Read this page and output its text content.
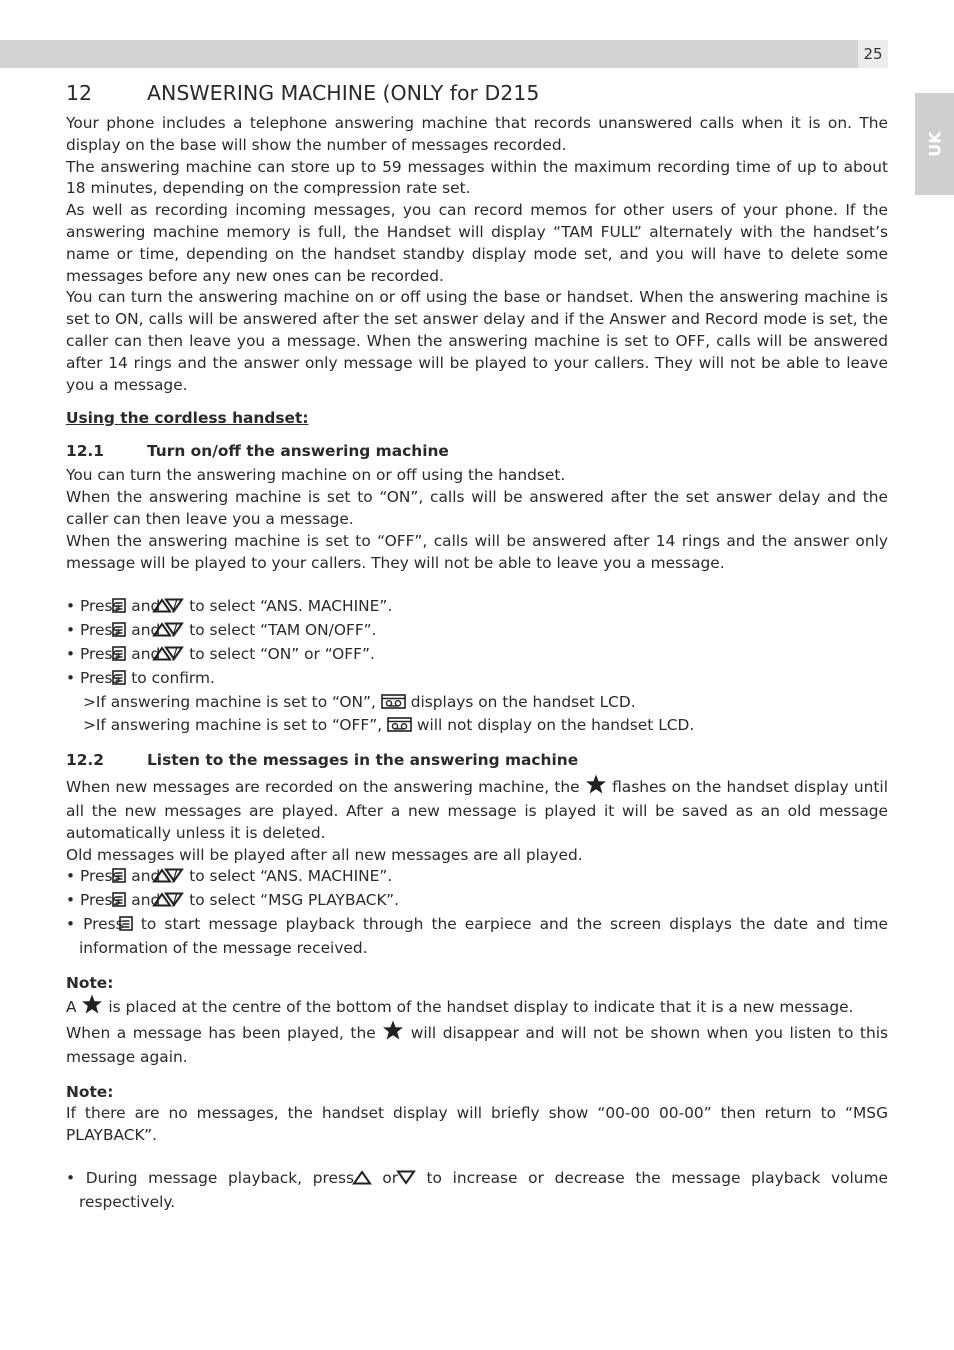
25
UK
12	ANSWERING MACHINE (ONLY for D215

Your phone includes a telephone answering machine that records unanswered calls when it is on. The display on the base will show the number of messages recorded.

The answering machine can store up to 59 messages within the maximum recording time of up to about 18 minutes, depending on the compression rate set.

As well as recording incoming messages, you can record memos for other users of your phone. If the answering machine memory is full, the Handset will display “TAM FULL” alternately with the handset’s name or time, depending on the handset standby display mode set, and you will have to delete some messages before any new ones can be recorded.

You can turn the answering machine on or off using the base or handset. When the answering machine is set to ON, calls will be answered after the set answer delay and if the Answer and Record mode is set, the caller can then leave you a message. When the answering machine is set to OFF, calls will be answered after 14 rings and the answer only message will be played to your callers. They will not be able to leave you a message.

Using the cordless handset:
12.1	Turn on/off the answering machine

You can turn the answering machine on or off using the handset.

When the answering machine is set to “ON”, calls will be answered after the set answer delay and the caller can then leave you a message.

When the answering machine is set to “OFF”, calls will be answered after 14 rings and the answer only message will be played to your callers. They will not be able to leave you a message.

• Press  and / to select “ANS. MACHINE”.
• Press  and / to select “TAM ON/OFF”.
• Press  and / to select “ON” or “OFF”.
• Press  to confirm.
>If answering machine is set to “ON”,  displays on the handset LCD.
>If answering machine is set to “OFF”,  will not display on the handset LCD.
12.2	Listen to the messages in the answering machine

When new messages are recorded on the answering machine, the  flashes on the handset display until all the new messages are played. After a new message is played it will be saved as an old message automatically unless it is deleted.

Old messages will be played after all new messages are all played.

• Press  and / to select “ANS. MACHINE”.
• Press  and / to select “MSG PLAYBACK”.
• Press  to start message playback through the earpiece and the screen displays the date and time information of the message received.
Note:

A  is placed at the centre of the bottom of the handset display to indicate that it is a new message.

When a message has been played, the  will disappear and will not be shown when you listen to this message again.

Note:

If there are no messages, the handset display will briefly show “00-00 00-00” then return to “MSG PLAYBACK”.

• During message playback, press  or  to increase or decrease the message playback volume respectively.
